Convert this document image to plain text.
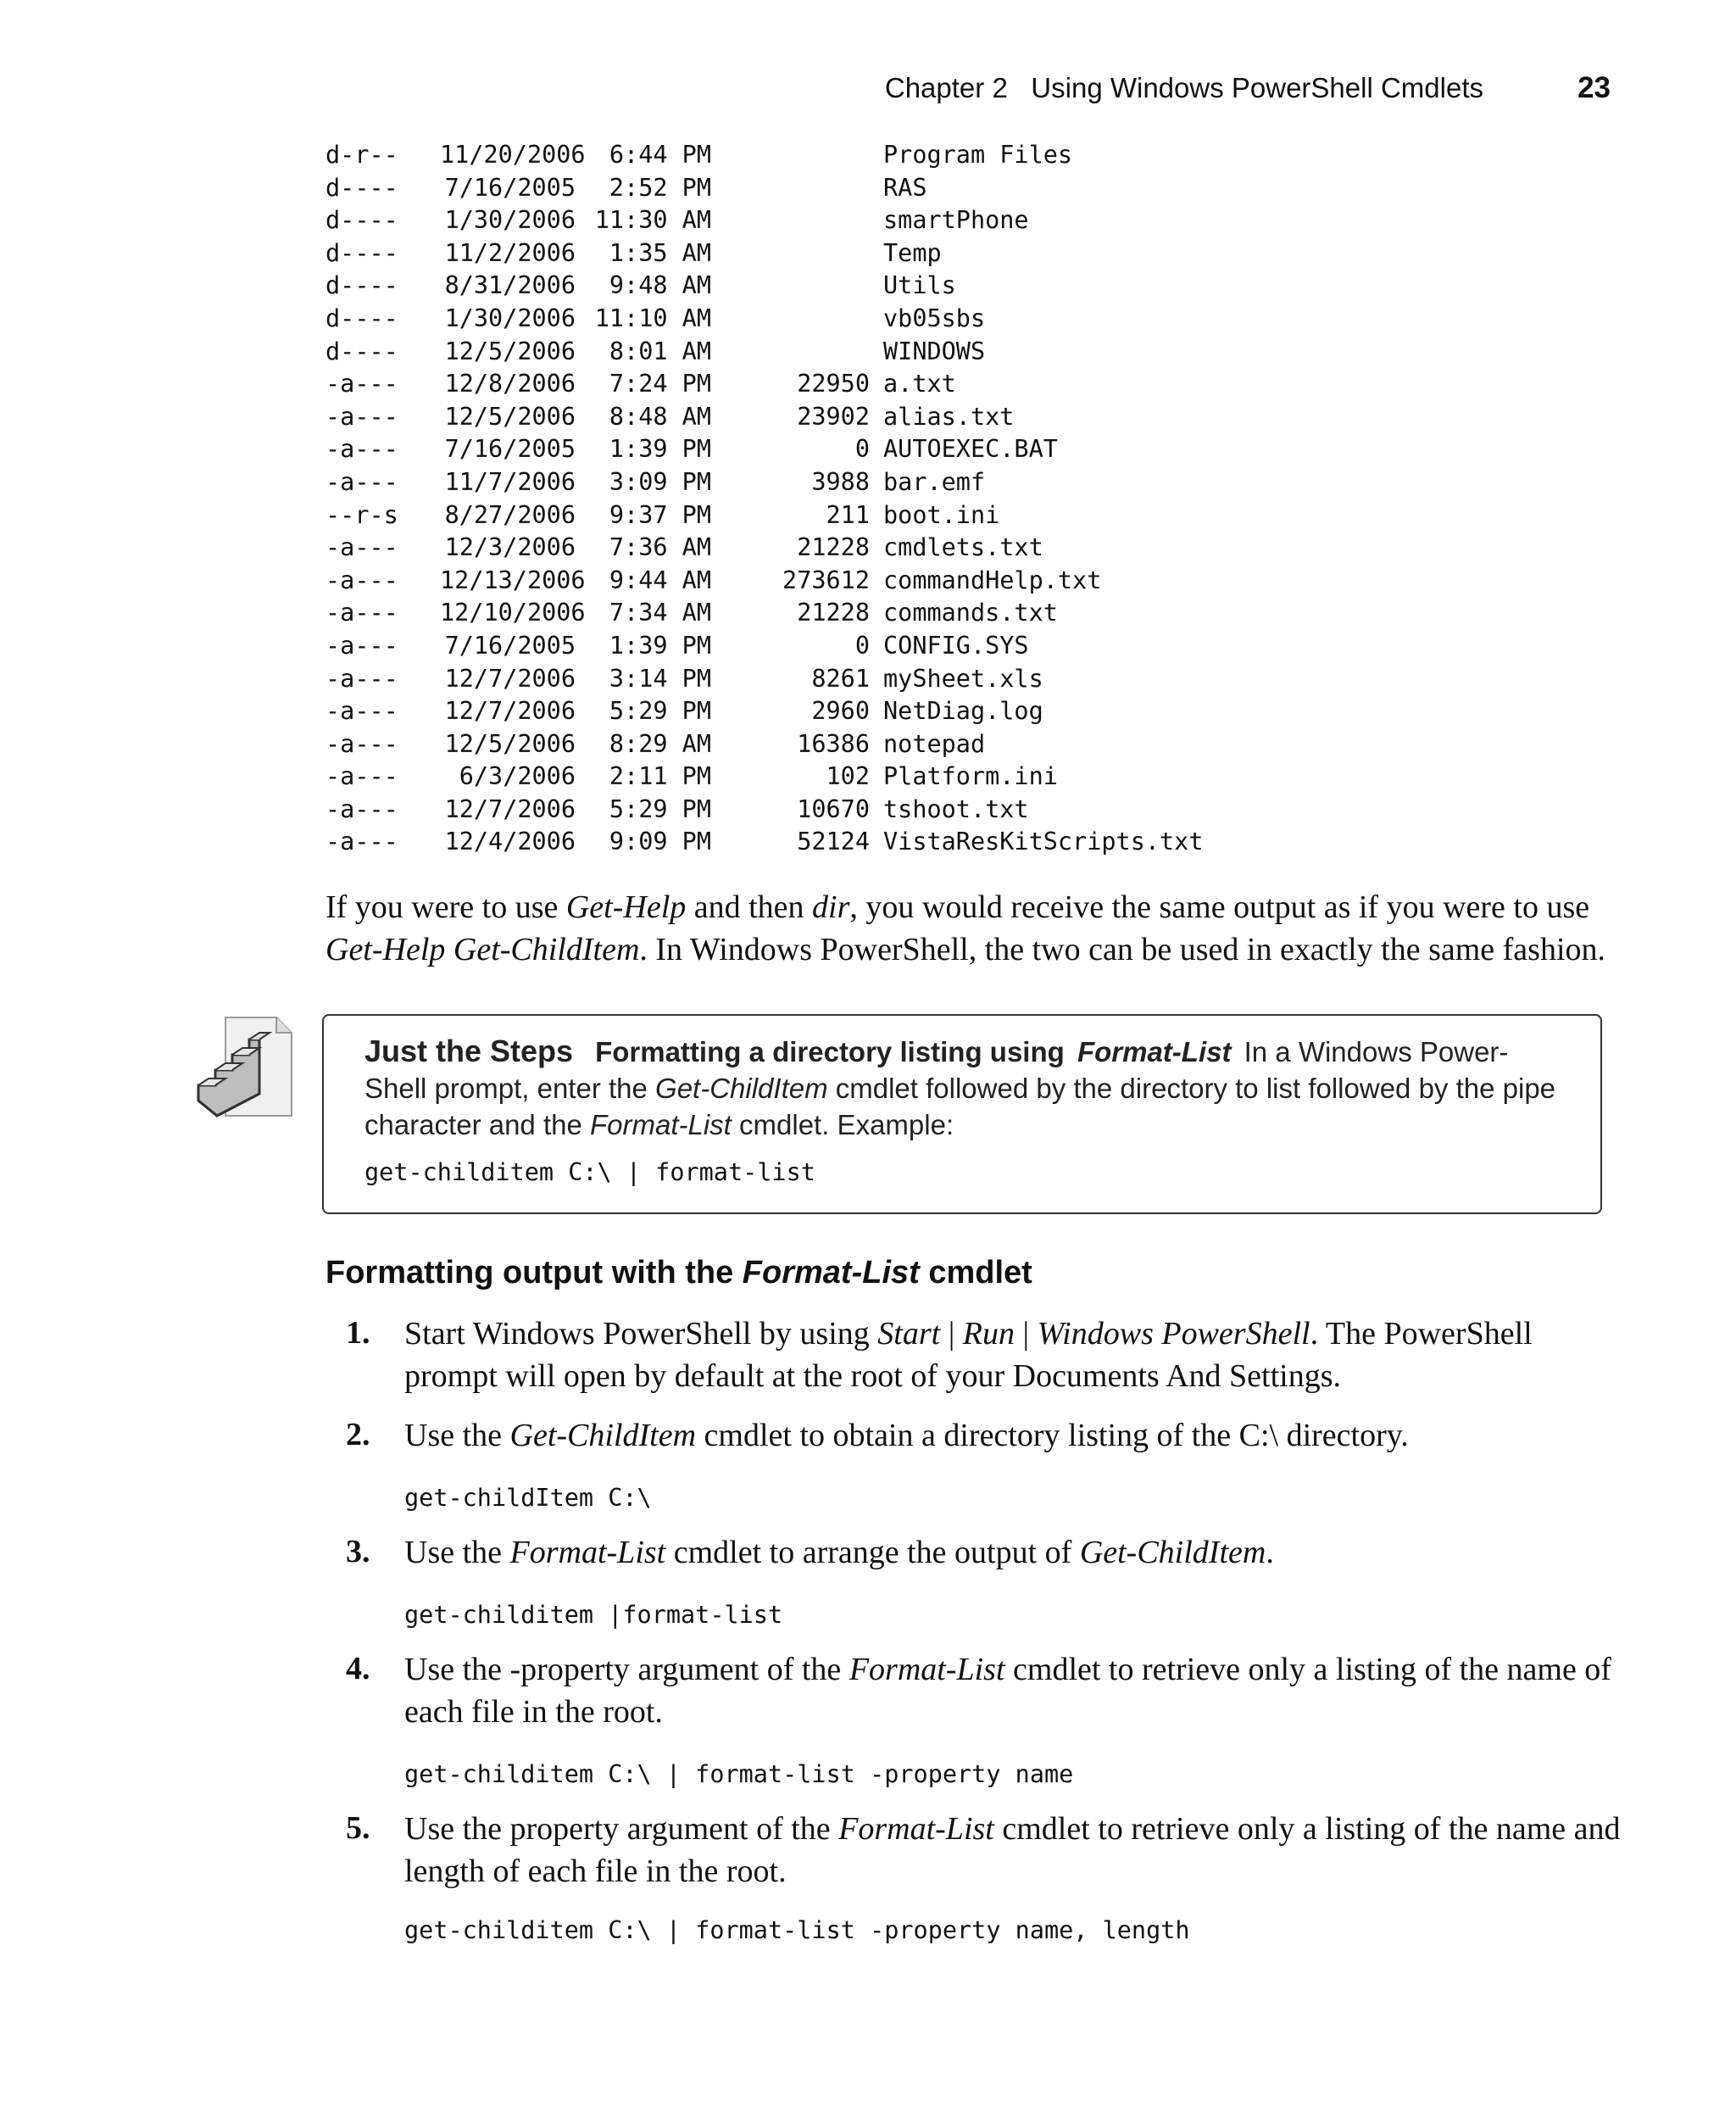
Chapter 2   Using Windows PowerShell Cmdlets	23
d-r--	11/20/2006 6:44 PM	Program Files
d----	7/16/2005	2:52 PM	RAS
d----	1/30/2006 11:30 AM	smartPhone
d----	11/2/2006	1:35 AM	Temp
d----	8/31/2006	9:48 AM	Utils
d----	1/30/2006 11:10 AM	vb05sbs
d----	12/5/2006	8:01 AM	WINDOWS
-a---	12/8/2006	7:24 PM	22950 a.txt
-a---	12/5/2006	8:48 AM	23902 alias.txt
-a---	7/16/2005	1:39 PM	0 AUTOEXEC.BAT
-a---	11/7/2006	3:09 PM	3988 bar.emf
--r-s	8/27/2006	9:37 PM	211 boot.ini
-a---	12/3/2006	7:36 AM	21228 cmdlets.txt
-a---	12/13/2006 9:44 AM	273612 commandHelp.txt
-a---	12/10/2006 7:34 AM	21228 commands.txt
-a---	7/16/2005	1:39 PM	0 CONFIG.SYS
-a---	12/7/2006	3:14 PM	8261 mySheet.xls
-a---	12/7/2006	5:29 PM	2960 NetDiag.log
-a---	12/5/2006	8:29 AM	16386 notepad
-a---	6/3/2006	2:11 PM	102 Platform.ini
-a---	12/7/2006	5:29 PM	10670 tshoot.txt
-a---	12/4/2006	9:09 PM	52124 VistaResKitScripts.txt

If you were to use Get-Help and then dir, you would receive the same output as if you were to use Get-Help Get-ChildItem. In Windows PowerShell, the two can be used in exactly the same fashion.

Just the Steps Formatting a directory listing using Format-List In a Windows Power-Shell prompt, enter the Get-ChildItem cmdlet followed by the directory to list followed by the pipe character and the Format-List cmdlet. Example:
get-childitem C:\ | format-list
Formatting output with the Format-List cmdlet
1. Start Windows PowerShell by using Start | Run | Windows PowerShell. The PowerShell prompt will open by default at the root of your Documents And Settings.
2. Use the Get-ChildItem cmdlet to obtain a directory listing of the C:\ directory.
get-childItem C:\
3. Use the Format-List cmdlet to arrange the output of Get-ChildItem.
get-childitem |format-list
4. Use the -property argument of the Format-List cmdlet to retrieve only a listing of the name of each file in the root.
get-childitem C:\ | format-list -property name
5. Use the property argument of the Format-List cmdlet to retrieve only a listing of the name and length of each file in the root.
get-childitem C:\ | format-list -property name, length
